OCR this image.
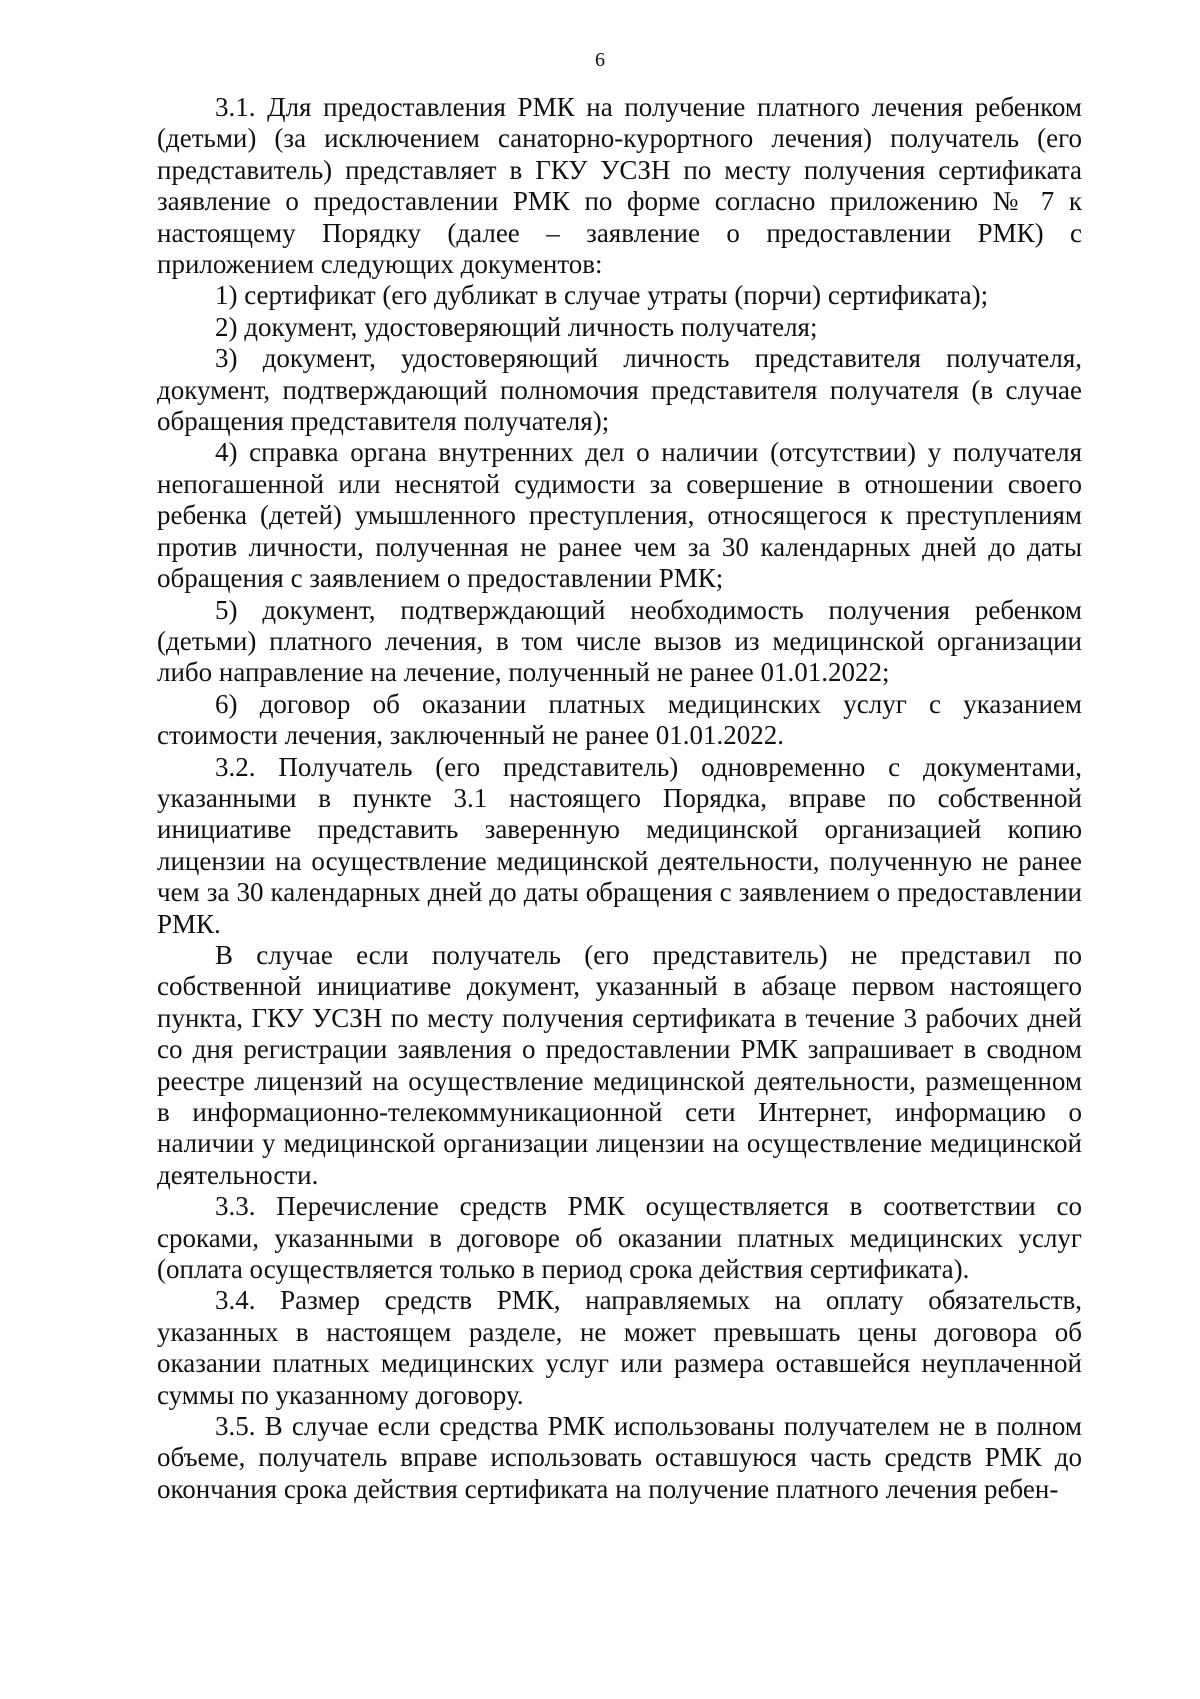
6

3.1. Для предоставления РМК на получение платного лечения ребенком (детьми) (за исключением санаторно-курортного лечения) получатель (его представитель) представляет в ГКУ УСЗН по месту получения сертификата заявление о предоставлении РМК по форме согласно приложению № 7 к настоящему Порядку (далее – заявление о предоставлении РМК) с приложением следующих документов:

1) сертификат (его дубликат в случае утраты (порчи) сертификата);

2) документ, удостоверяющий личность получателя;

3) документ, удостоверяющий личность представителя получателя, документ, подтверждающий полномочия представителя получателя (в случае обращения представителя получателя);

4) справка органа внутренних дел о наличии (отсутствии) у получателя непогашенной или неснятой судимости за совершение в отношении своего ребенка (детей) умышленного преступления, относящегося к преступлениям против личности, полученная не ранее чем за 30 календарных дней до даты обращения с заявлением о предоставлении РМК;

5) документ, подтверждающий необходимость получения ребенком (детьми) платного лечения, в том числе вызов из медицинской организации либо направление на лечение, полученный не ранее 01.01.2022;

6) договор об оказании платных медицинских услуг с указанием стоимости лечения, заключенный не ранее 01.01.2022.

3.2. Получатель (его представитель) одновременно с документами, указанными в пункте 3.1 настоящего Порядка, вправе по собственной инициативе представить заверенную медицинской организацией копию лицензии на осуществление медицинской деятельности, полученную не ранее чем за 30 календарных дней до даты обращения с заявлением о предоставлении РМК.

В случае если получатель (его представитель) не представил по собственной инициативе документ, указанный в абзаце первом настоящего пункта, ГКУ УСЗН по месту получения сертификата в течение 3 рабочих дней со дня регистрации заявления о предоставлении РМК запрашивает в сводном реестре лицензий на осуществление медицинской деятельности, размещенном в информационно-телекоммуникационной сети Интернет, информацию о наличии у медицинской организации лицензии на осуществление медицинской деятельности.

3.3. Перечисление средств РМК осуществляется в соответствии со сроками, указанными в договоре об оказании платных медицинских услуг (оплата осуществляется только в период срока действия сертификата).

3.4. Размер средств РМК, направляемых на оплату обязательств, указанных в настоящем разделе, не может превышать цены договора об оказании платных медицинских услуг или размера оставшейся неуплаченной суммы по указанному договору.

3.5. В случае если средства РМК использованы получателем не в полном объеме, получатель вправе использовать оставшуюся часть средств РМК до окончания срока действия сертификата на получение платного лечения ребен-
